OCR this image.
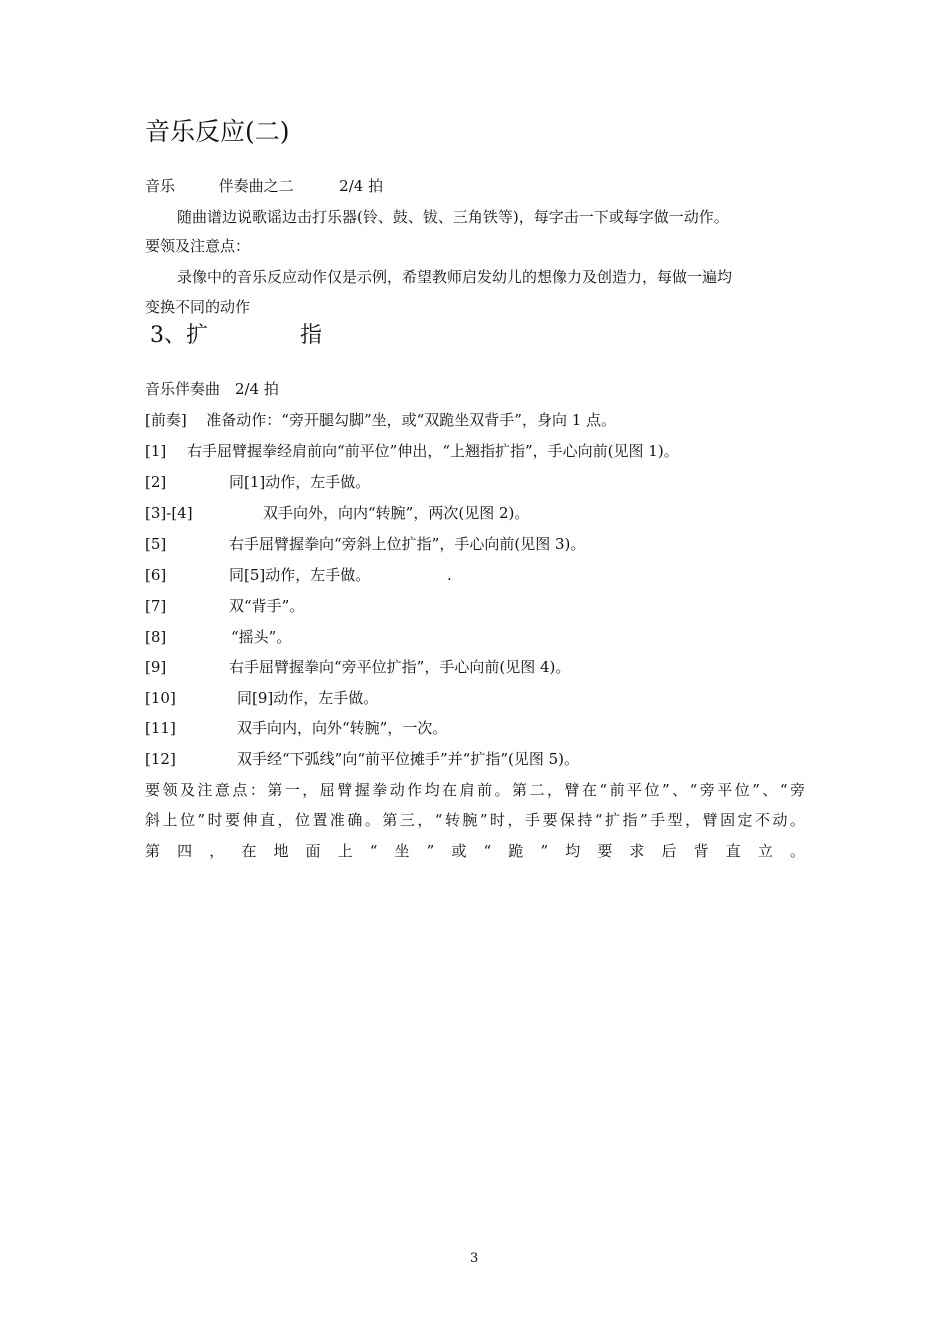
音乐反应(二)
音乐	伴奏曲之二	2/4 拍
随曲谱边说歌谣边击打乐器(铃、鼓、钹、三角铁等)，每字击一下或每字做一动作。
要领及注意点：
录像中的音乐反应动作仅是示例，希望教师启发幼儿的想像力及创造力，每做一遍均
变换不同的动作
3、扩	指
音乐伴奏曲　2/4 拍
[前奏] 准备动作：“旁开腿勾脚”坐，或“双跪坐双背手”，身向 1 点。
[1] 右手屈臂握拳经肩前向“前平位”伸出，“上翘指扩指”，手心向前(见图 1)。
[2]	同[1]动作，左手做。
[3]-[4]	双手向外，向内“转腕”，两次(见图 2)。
[5]	右手屈臂握拳向“旁斜上位扩指”，手心向前(见图 3)。
[6]	同[5]动作，左手做。	.
[7]	双“背手”。
[8]	“摇头”。
[9]	右手屈臂握拳向“旁平位扩指”，手心向前(见图 4)。
[10]	同[9]动作，左手做。
[11]	双手向内，向外“转腕”，一次。
[12]	双手经“下弧线”向“前平位摊手”并“扩指”(见图 5)。
要领及注意点：第一，屈臂握拳动作均在肩前。第二，臂在“前平位”、“旁平位”、“旁
斜上位”时要伸直，位置准确。第三，“转腕”时，手要保持“扩指”手型，臂固定不动。
第四，在地面上“坐”或“跪”均要求后背直立。
3
